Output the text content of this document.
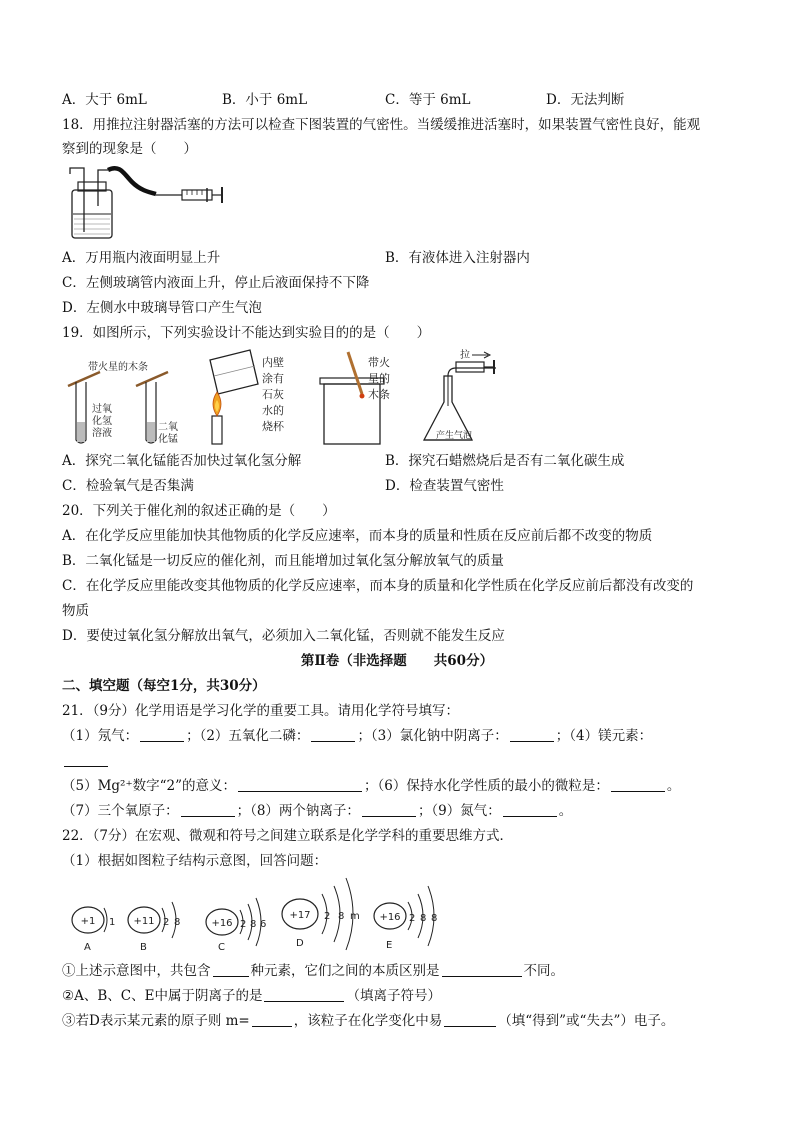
A．大于 6mL	B．小于 6mL	C．等于 6mL	D．无法判断
18．用推拉注射器活塞的方法可以检查下图装置的气密性。当缓缓推进活塞时，如果装置气密性良好，能观
察到的现象是（　　）
A．万用瓶内液面明显上升	B．有液体进入注射器内
C．左侧玻璃管内液面上升，停止后液面保持不下降
D．左侧水中玻璃导管口产生气泡
19．如图所示，下列实验设计不能达到实验目的的是（　　）
带火星的木条
过氧
化氢
溶液
二氧
化锰
内壁
涂有
石灰
水的
烧杯
带火
星的
木条
拉
产生气泡
A．探究二氧化锰能否加快过氧化氢分解	B．探究石蜡燃烧后是否有二氧化碳生成
C．检验氧气是否集满	D．检查装置气密性
20．下列关于催化剂的叙述正确的是（　　）
A．在化学反应里能加快其他物质的化学反应速率，而本身的质量和性质在反应前后都不改变的物质
B．二氧化锰是一切反应的催化剂，而且能增加过氧化氢分解放氧气的质量
C．在化学反应里能改变其他物质的化学反应速率，而本身的质量和化学性质在化学反应前后都没有改变的
物质
D．要使过氧化氢分解放出氧气，必须加入二氧化锰，否则就不能发生反应
第Ⅱ卷（非选择题　　共60分）
二、填空题（每空1分，共30分）
21．（9分）化学用语是学习化学的重要工具。请用化学符号填写：
（1）氖气：	；（2）五氧化二磷：	；（3）氯化钠中阴离子：	；（4）镁元素：
（5）Mg²⁺数字“2”的意义：	；（6）保持水化学性质的最小的微粒是：	。
（7）三个氧原子：	；（8）两个钠离子：	；（9）氮气：	。
22．（7分）在宏观、微观和符号之间建立联系是化学学科的重要思维方式．
（1）根据如图粒子结构示意图，回答问题：
+1 1
A
+11 2 8
B
+16 2 8 6
C
+17 2 8 m
D
+16 2 8 8
E
①上述示意图中，共包含	种元素，它们之间的本质区别是	不同。
②A、B、C、E中属于阴离子的是	（填离子符号）
③若D表示某元素的原子则 m=	，该粒子在化学变化中易	（填“得到”或“失去”）电子。
